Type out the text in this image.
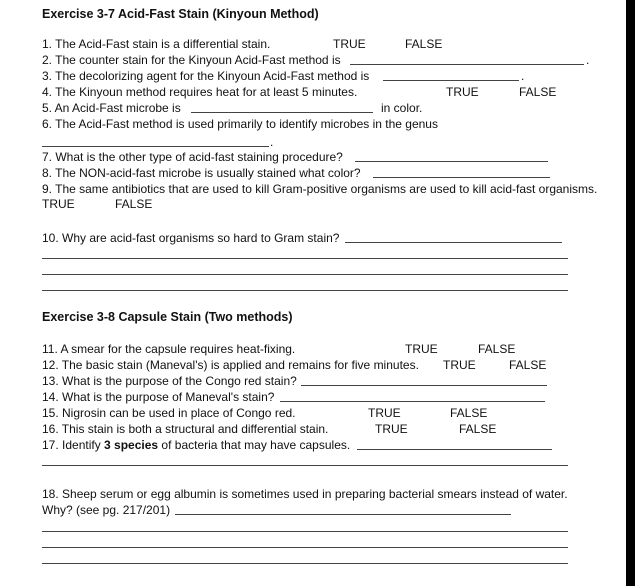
Exercise 3-7 Acid-Fast Stain (Kinyoun Method)
1. The Acid-Fast stain is a differential stain.	TRUE	FALSE
2. The counter stain for the Kinyoun Acid-Fast method is	.
3. The decolorizing agent for the Kinyoun Acid-Fast method is	.
4. The Kinyoun method requires heat for at least 5 minutes.	TRUE	FALSE
5. An Acid-Fast microbe is	in color.
6. The Acid-Fast method is used primarily to identify microbes in the genus
.
7. What is the other type of acid-fast staining procedure?
8. The NON-acid-fast microbe is usually stained what color?
9. The same antibiotics that are used to kill Gram-positive organisms are used to kill acid-fast organisms.
TRUE	FALSE
10. Why are acid-fast organisms so hard to Gram stain?
Exercise 3-8 Capsule Stain (Two methods)
11. A smear for the capsule requires heat-fixing.	TRUE	FALSE
12. The basic stain (Maneval's) is applied and remains for five minutes. TRUE	FALSE
13. What is the purpose of the Congo red stain?
14. What is the purpose of Maneval's stain?
15. Nigrosin can be used in place of Congo red.	TRUE	FALSE
16. This stain is both a structural and differential stain.	TRUE	FALSE
17. Identify 3 species of bacteria that may have capsules.
18. Sheep serum or egg albumin is sometimes used in preparing bacterial smears instead of water.
Why? (see pg. 217/201)
